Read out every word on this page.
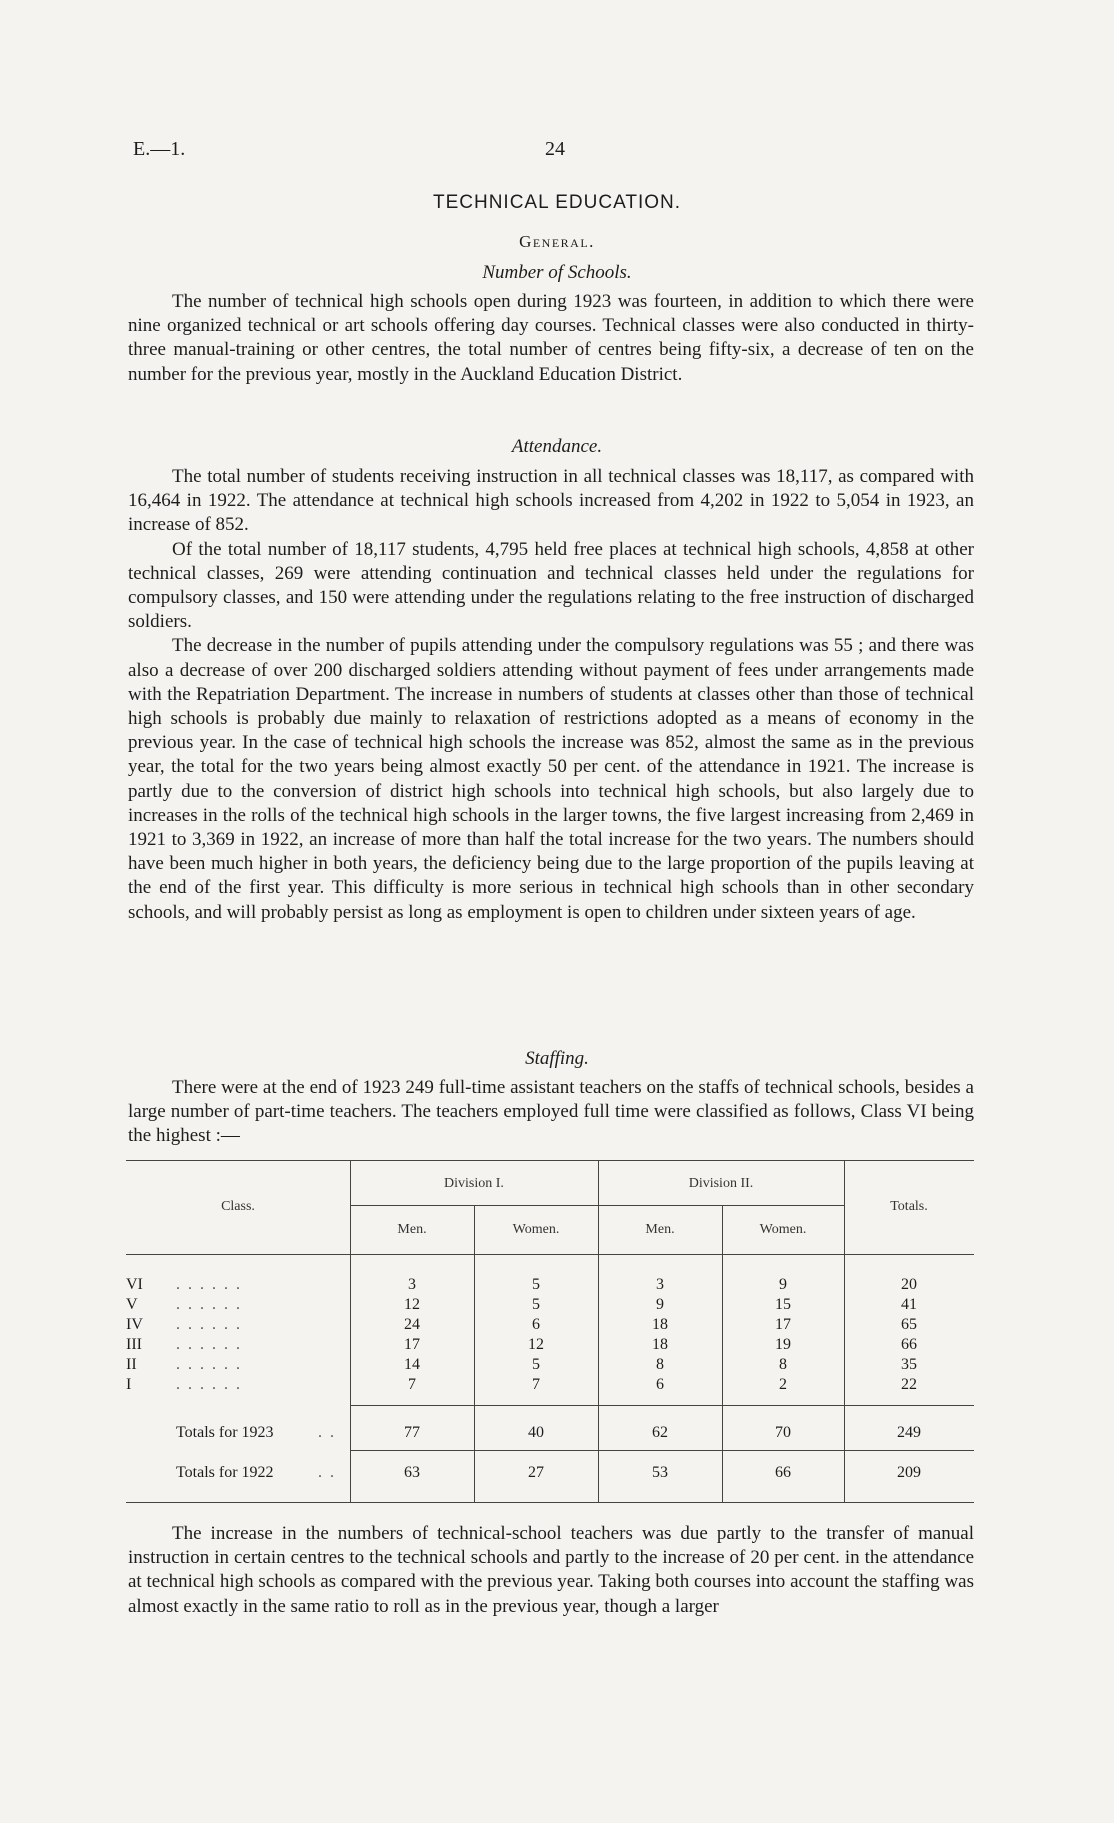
E.—1.	24
TECHNICAL EDUCATION.
General.
Number of Schools.

The number of technical high schools open during 1923 was fourteen, in addition to which there were nine organized technical or art schools offering day courses. Technical classes were also conducted in thirty-three manual-training or other centres, the total number of centres being fifty-six, a decrease of ten on the number for the previous year, mostly in the Auckland Education District.

Attendance.

The total number of students receiving instruction in all technical classes was 18,117, as compared with 16,464 in 1922. The attendance at technical high schools increased from 4,202 in 1922 to 5,054 in 1923, an increase of 852.

Of the total number of 18,117 students, 4,795 held free places at technical high schools, 4,858 at other technical classes, 269 were attending continuation and technical classes held under the regulations for compulsory classes, and 150 were attending under the regulations relating to the free instruction of discharged soldiers.

The decrease in the number of pupils attending under the compulsory regulations was 55 ; and there was also a decrease of over 200 discharged soldiers attending without payment of fees under arrangements made with the Repatriation Department. The increase in numbers of students at classes other than those of technical high schools is probably due mainly to relaxation of restrictions adopted as a means of economy in the previous year. In the case of technical high schools the increase was 852, almost the same as in the previous year, the total for the two years being almost exactly 50 per cent. of the attendance in 1921. The increase is partly due to the conversion of district high schools into technical high schools, but also largely due to increases in the rolls of the technical high schools in the larger towns, the five largest increasing from 2,469 in 1921 to 3,369 in 1922, an increase of more than half the total increase for the two years. The numbers should have been much higher in both years, the deficiency being due to the large proportion of the pupils leaving at the end of the first year. This difficulty is more serious in technical high schools than in other secondary schools, and will probably persist as long as employment is open to children under sixteen years of age.

Staffing.

There were at the end of 1923 249 full-time assistant teachers on the staffs of technical schools, besides a large number of part-time teachers. The teachers employed full time were classified as follows, Class VI being the highest :—

Class.
Division I.	Division II.
Totals.
Men.	Women.	Men.	Women.
VI . . . . . .	3	5	3	9	20
V . . . . . .	12	5	9	15	41
IV . . . . . .	24	6	18	17	65
III . . . . . .	17	12	18	19	66
II . . . . . .	14	5	8	8	35
I	. . . . . .	7	7	6	2	22
Totals for 1923	. .	77	40	62	70	249
Totals for 1922	. .	63	27	53	66	209

The increase in the numbers of technical-school teachers was due partly to the transfer of manual instruction in certain centres to the technical schools and partly to the increase of 20 per cent. in the attendance at technical high schools as compared with the previous year. Taking both courses into account the staffing was almost exactly in the same ratio to roll as in the previous year, though a larger
